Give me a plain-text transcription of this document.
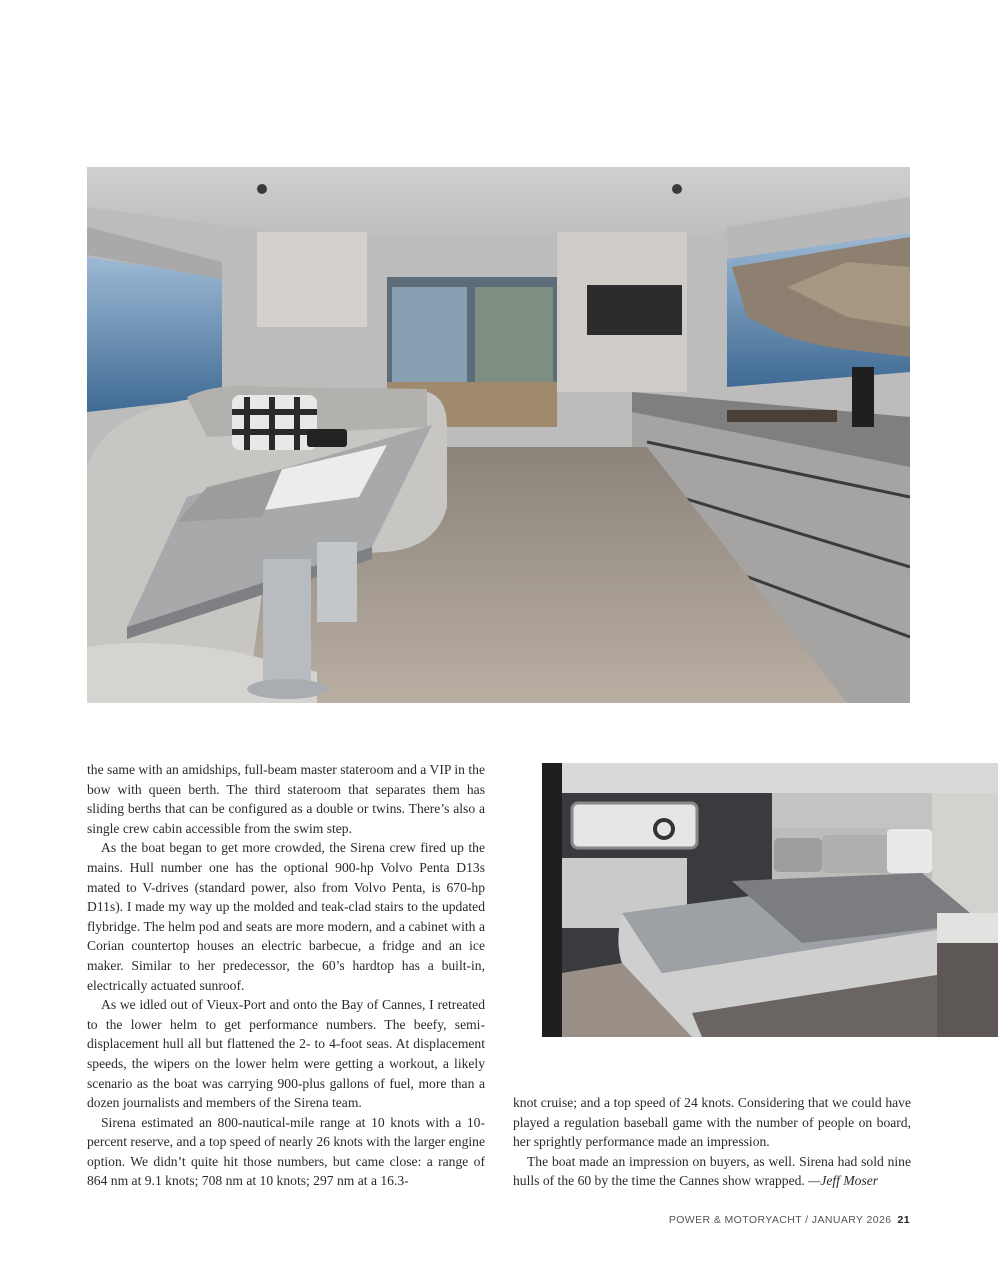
the same with an amidships, full-beam master stateroom and a VIP in the bow with queen berth. The third stateroom that separates them has sliding berths that can be configured as a double or twins. There’s also a single crew cabin accessible from the swim step.

As the boat began to get more crowded, the Sirena crew fired up the mains. Hull number one has the optional 900-hp Volvo Penta D13s mated to V-drives (standard power, also from Volvo Penta, is 670-hp D11s). I made my way up the molded and teak-clad stairs to the updated flybridge. The helm pod and seats are more modern, and a cabinet with a Corian countertop houses an electric barbecue, a fridge and an ice maker. Similar to her predecessor, the 60’s hardtop has a built-in, electrically actuated sunroof.

As we idled out of Vieux-Port and onto the Bay of Cannes, I retreated to the lower helm to get performance numbers. The beefy, semi-displacement hull all but flattened the 2- to 4-foot seas. At displacement speeds, the wipers on the lower helm were getting a workout, a likely scenario as the boat was carrying 900-plus gallons of fuel, more than a dozen journalists and members of the Sirena team.

Sirena estimated an 800-nautical-mile range at 10 knots with a 10-percent reserve, and a top speed of nearly 26 knots with the larger engine option. We didn’t quite hit those numbers, but came close: a range of 864 nm at 9.1 knots; 708 nm at 10 knots; 297 nm at a 16.3-

knot cruise; and a top speed of 24 knots. Considering that we could have played a regulation baseball game with the number of people on board, her sprightly performance made an impression.

The boat made an impression on buyers, as well. Sirena had sold nine hulls of the 60 by the time the Cannes show wrapped. —Jeff Moser

POWER & MOTORYACHT / JANUARY 2026 21
